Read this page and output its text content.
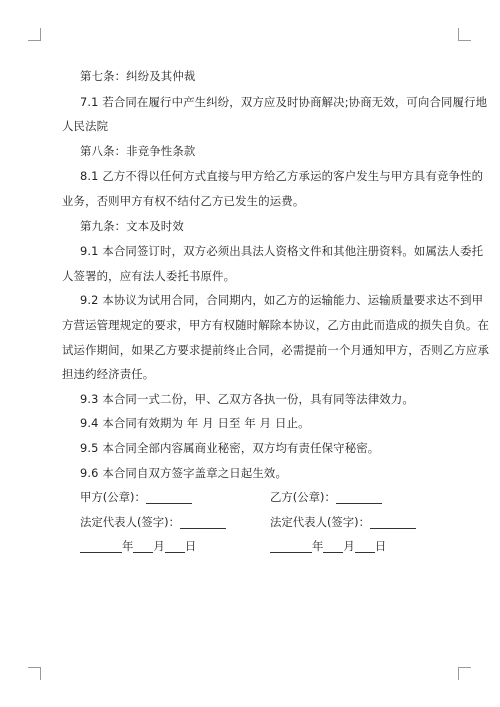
第七条：纠纷及其仲裁
7.1 若合同在履行中产生纠纷，双方应及时协商解决;协商无效，可向合同履行地
人民法院
第八条：非竞争性条款
8.1 乙方不得以任何方式直接与甲方给乙方承运的客户发生与甲方具有竞争性的
业务，否则甲方有权不结付乙方已发生的运费。
第九条：文本及时效
9.1 本合同签订时，双方必须出具法人资格文件和其他注册资料。如属法人委托
人签署的，应有法人委托书原件。
9.2 本协议为试用合同，合同期内，如乙方的运输能力、运输质量要求达不到甲
方营运管理规定的要求，甲方有权随时解除本协议，乙方由此而造成的损失自负。在
试运作期间，如果乙方要求提前终止合同，必需提前一个月通知甲方，否则乙方应承
担违约经济责任。
9.3 本合同一式二份，甲、乙双方各执一份，具有同等法律效力。
9.4 本合同有效期为 年 月 日至 年 月 日止。
9.5 本合同全部内容属商业秘密，双方均有责任保守秘密。
9.6 本合同自双方签字盖章之日起生效。
甲方(公章)：	乙方(公章)：
法定代表人(签字)：	法定代表人(签字)：
年 月 日	年 月 日
